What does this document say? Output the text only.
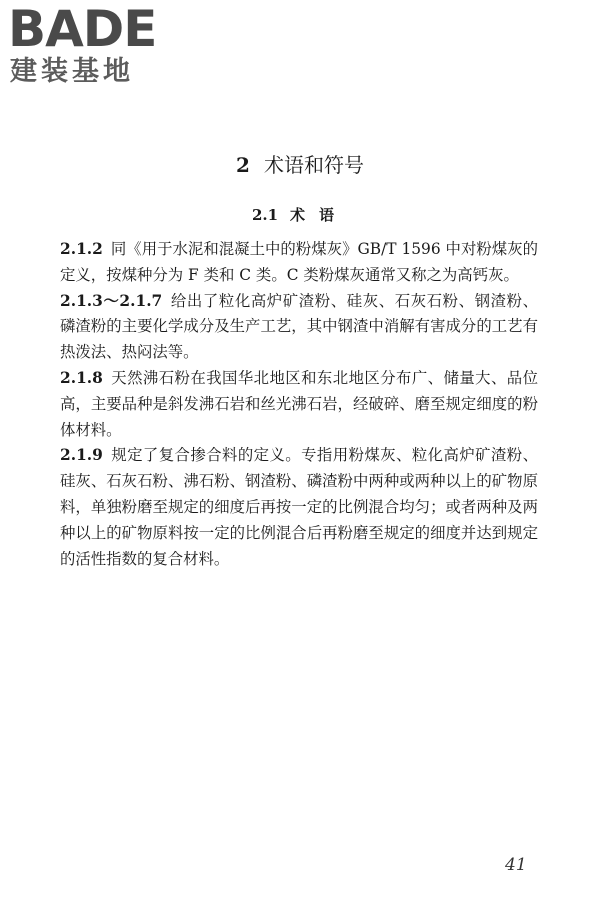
BADE
建装基地
2 术语和符号
2.1 术语

2.1.2 同《用于水泥和混凝土中的粉煤灰》GB/T 1596 中对粉煤灰的定义，按煤种分为 F 类和 C 类。C 类粉煤灰通常又称之为高钙灰。

2.1.3～2.1.7 给出了粒化高炉矿渣粉、硅灰、石灰石粉、钢渣粉、磷渣粉的主要化学成分及生产工艺，其中钢渣中消解有害成分的工艺有热泼法、热闷法等。

2.1.8 天然沸石粉在我国华北地区和东北地区分布广、储量大、品位高，主要品种是斜发沸石岩和丝光沸石岩，经破碎、磨至规定细度的粉体材料。

2.1.9 规定了复合掺合料的定义。专指用粉煤灰、粒化高炉矿渣粉、硅灰、石灰石粉、沸石粉、钢渣粉、磷渣粉中两种或两种以上的矿物原料，单独粉磨至规定的细度后再按一定的比例混合均匀；或者两种及两种以上的矿物原料按一定的比例混合后再粉磨至规定的细度并达到规定的活性指数的复合材料。

41
